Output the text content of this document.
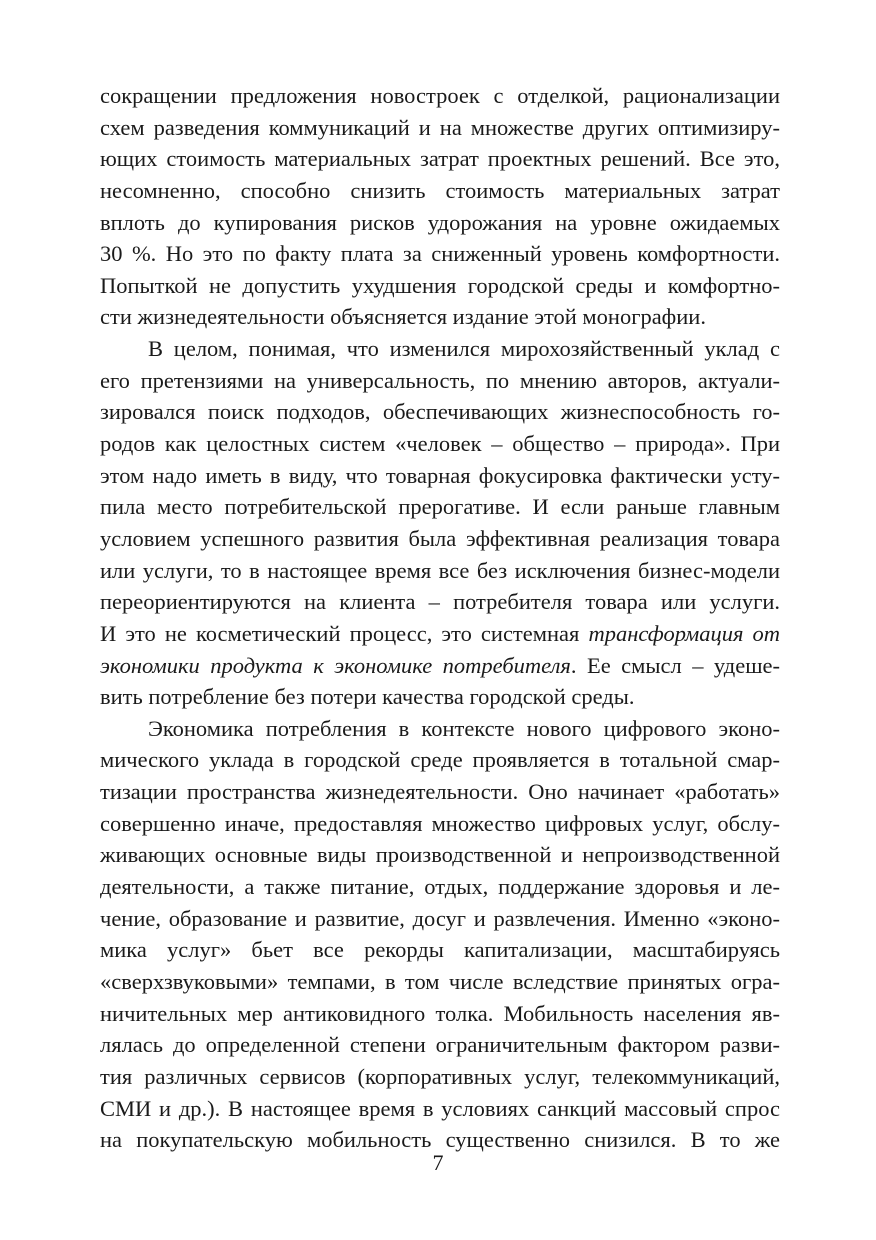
сокращении предложения новостроек с отделкой, рационализации
схем разведения коммуникаций и на множестве других оптимизиру-
ющих стоимость материальных затрат проектных решений. Все это,
несомненно, способно снизить стоимость материальных затрат
вплоть до купирования рисков удорожания на уровне ожидаемых
30 %. Но это по факту плата за сниженный уровень комфортности.
Попыткой не допустить ухудшения городской среды и комфортно-
сти жизнедеятельности объясняется издание этой монографии.
В целом, понимая, что изменился мирохозяйственный уклад с
его претензиями на универсальность, по мнению авторов, актуали-
зировался поиск подходов, обеспечивающих жизнеспособность го-
родов как целостных систем «человек – общество – природа». При
этом надо иметь в виду, что товарная фокусировка фактически усту-
пила место потребительской прерогативе. И если раньше главным
условием успешного развития была эффективная реализация товара
или услуги, то в настоящее время все без исключения бизнес-модели
переориентируются на клиента – потребителя товара или услуги.
И это не косметический процесс, это системная трансформация от
экономики продукта к экономике потребителя. Ее смысл – удеше-
вить потребление без потери качества городской среды.
Экономика потребления в контексте нового цифрового эконо-
мического уклада в городской среде проявляется в тотальной смар-
тизации пространства жизнедеятельности. Оно начинает «работать»
совершенно иначе, предоставляя множество цифровых услуг, обслу-
живающих основные виды производственной и непроизводственной
деятельности, а также питание, отдых, поддержание здоровья и ле-
чение, образование и развитие, досуг и развлечения. Именно «эконо-
мика услуг» бьет все рекорды капитализации, масштабируясь
«сверхзвуковыми» темпами, в том числе вследствие принятых огра-
ничительных мер антиковидного толка. Мобильность населения яв-
лялась до определенной степени ограничительным фактором разви-
тия различных сервисов (корпоративных услуг, телекоммуникаций,
СМИ и др.). В настоящее время в условиях санкций массовый спрос
на покупательскую мобильность существенно снизился. В то же
7
